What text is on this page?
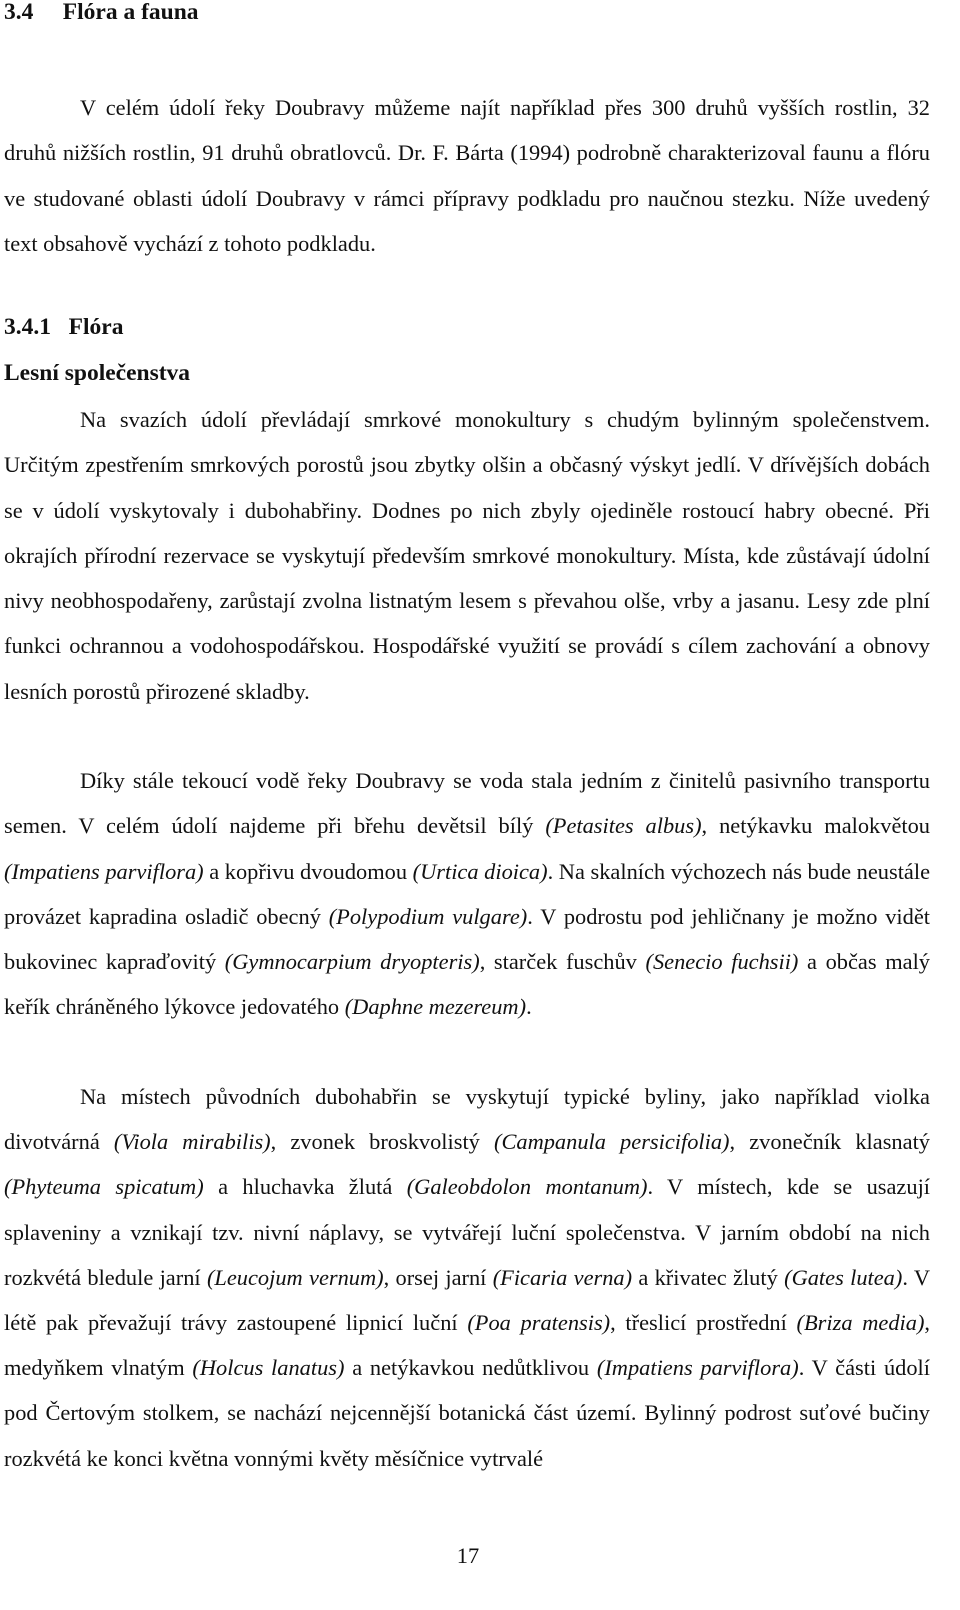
3.4     Flóra a fauna

V celém údolí řeky Doubravy můžeme najít například přes 300 druhů vyšších rostlin, 32 druhů nižších rostlin, 91 druhů obratlovců. Dr. F. Bárta (1994) podrobně charakterizoval faunu a flóru ve studované oblasti údolí Doubravy v rámci přípravy podkladu pro naučnou stezku. Níže uvedený text obsahově vychází z tohoto podkladu.

3.4.1   Flóra
Lesní společenstva

Na svazích údolí převládají smrkové monokultury s chudým bylinným společenstvem. Určitým zpestřením smrkových porostů jsou zbytky olšin a občasný výskyt jedlí. V dřívějších dobách se v údolí vyskytovaly i dubohabřiny. Dodnes po nich zbyly ojediněle rostoucí habry obecné. Při okrajích přírodní rezervace se vyskytují především smrkové monokultury. Místa, kde zůstávají údolní nivy neobhospodařeny, zarůstají zvolna listnatým lesem s převahou olše, vrby a jasanu. Lesy zde plní funkci ochrannou a vodohospodářskou. Hospodářské využití se provádí s cílem zachování a obnovy lesních porostů přirozené skladby.

Díky stále tekoucí vodě řeky Doubravy se voda stala jedním z činitelů pasivního transportu semen. V celém údolí najdeme při břehu devětsil bílý (Petasites albus), netýkavku malokvětou (Impatiens parviflora) a kopřivu dvoudomou (Urtica dioica). Na skalních výchozech nás bude neustále provázet kapradina osladič obecný (Polypodium vulgare). V podrostu pod jehličnany je možno vidět bukovinec kapraďovitý (Gymnocarpium dryopteris), starček fuschův (Senecio fuchsii) a občas malý keřík chráněného lýkovce jedovatého (Daphne mezereum).

Na místech původních dubohabřin se vyskytují typické byliny, jako například violka divotvárná (Viola mirabilis), zvonek broskvolistý (Campanula persicifolia), zvonečník klasnatý (Phyteuma spicatum) a hluchavka žlutá (Galeobdolon montanum). V místech, kde se usazují splaveniny a vznikají tzv. nivní náplavy, se vytvářejí luční společenstva. V jarním období na nich rozkvétá bledule jarní (Leucojum vernum), orsej jarní (Ficaria verna) a křivatec žlutý (Gates lutea). V létě pak převažují trávy zastoupené lipnicí luční (Poa pratensis), třeslicí prostřední (Briza media), medyňkem vlnatým (Holcus lanatus) a netýkavkou nedůtklivou (Impatiens parviflora). V části údolí pod Čertovým stolkem, se nachází nejcennější botanická část území. Bylinný podrost suťové bučiny rozkvétá ke konci května vonnými květy měsíčnice vytrvalé

17
